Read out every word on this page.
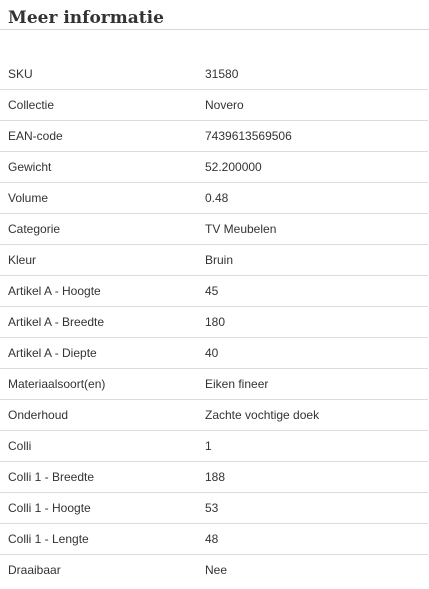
Meer informatie
SKU	31580
Collectie	Novero
EAN-code	7439613569506
Gewicht	52.200000
Volume	0.48
Categorie	TV Meubelen
Kleur	Bruin
Artikel A - Hoogte	45
Artikel A - Breedte	180
Artikel A - Diepte	40
Materiaalsoort(en)	Eiken fineer
Onderhoud	Zachte vochtige doek
Colli	1
Colli 1 - Breedte	188
Colli 1 - Hoogte	53
Colli 1 - Lengte	48
Draaibaar	Nee
